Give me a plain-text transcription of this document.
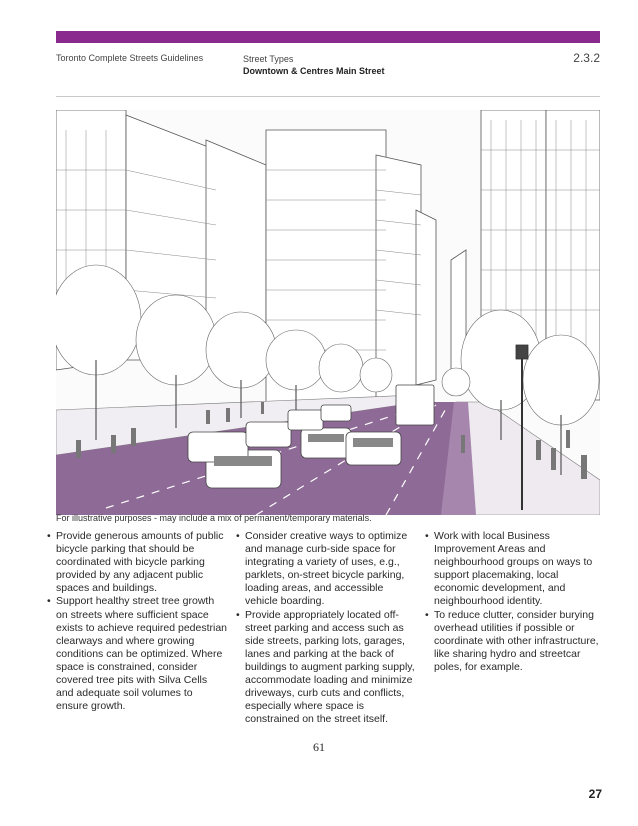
Toronto Complete Streets Guidelines	Street Types
Downtown & Centres Main Street
2.3.2
For illustrative purposes - may include a mix of permanent/temporary materials.
• Provide generous amounts of public bicycle parking that should be coordinated with bicycle parking provided by any adjacent public spaces and buildings.
• Support healthy street tree growth on streets where sufficient space exists to achieve required pedestrian clearways and where growing conditions can be optimized. Where space is constrained, consider covered tree pits with Silva Cells and adequate soil volumes to ensure growth.
• Consider creative ways to optimize and manage curb-side space for integrating a variety of uses, e.g., parklets, on-street bicycle parking, loading areas, and accessible vehicle boarding.
• Provide appropriately located off-street parking and access such as side streets, parking lots, garages, lanes and parking at the back of buildings to augment parking supply, accommodate loading and minimize driveways, curb cuts and conflicts, especially where space is constrained on the street itself.
• Work with local Business Improvement Areas and neighbourhood groups on ways to support placemaking, local economic development, and neighbourhood identity.
• To reduce clutter, consider burying overhead utilities if possible or coordinate with other infrastructure, like sharing hydro and streetcar poles, for example.
61
27
